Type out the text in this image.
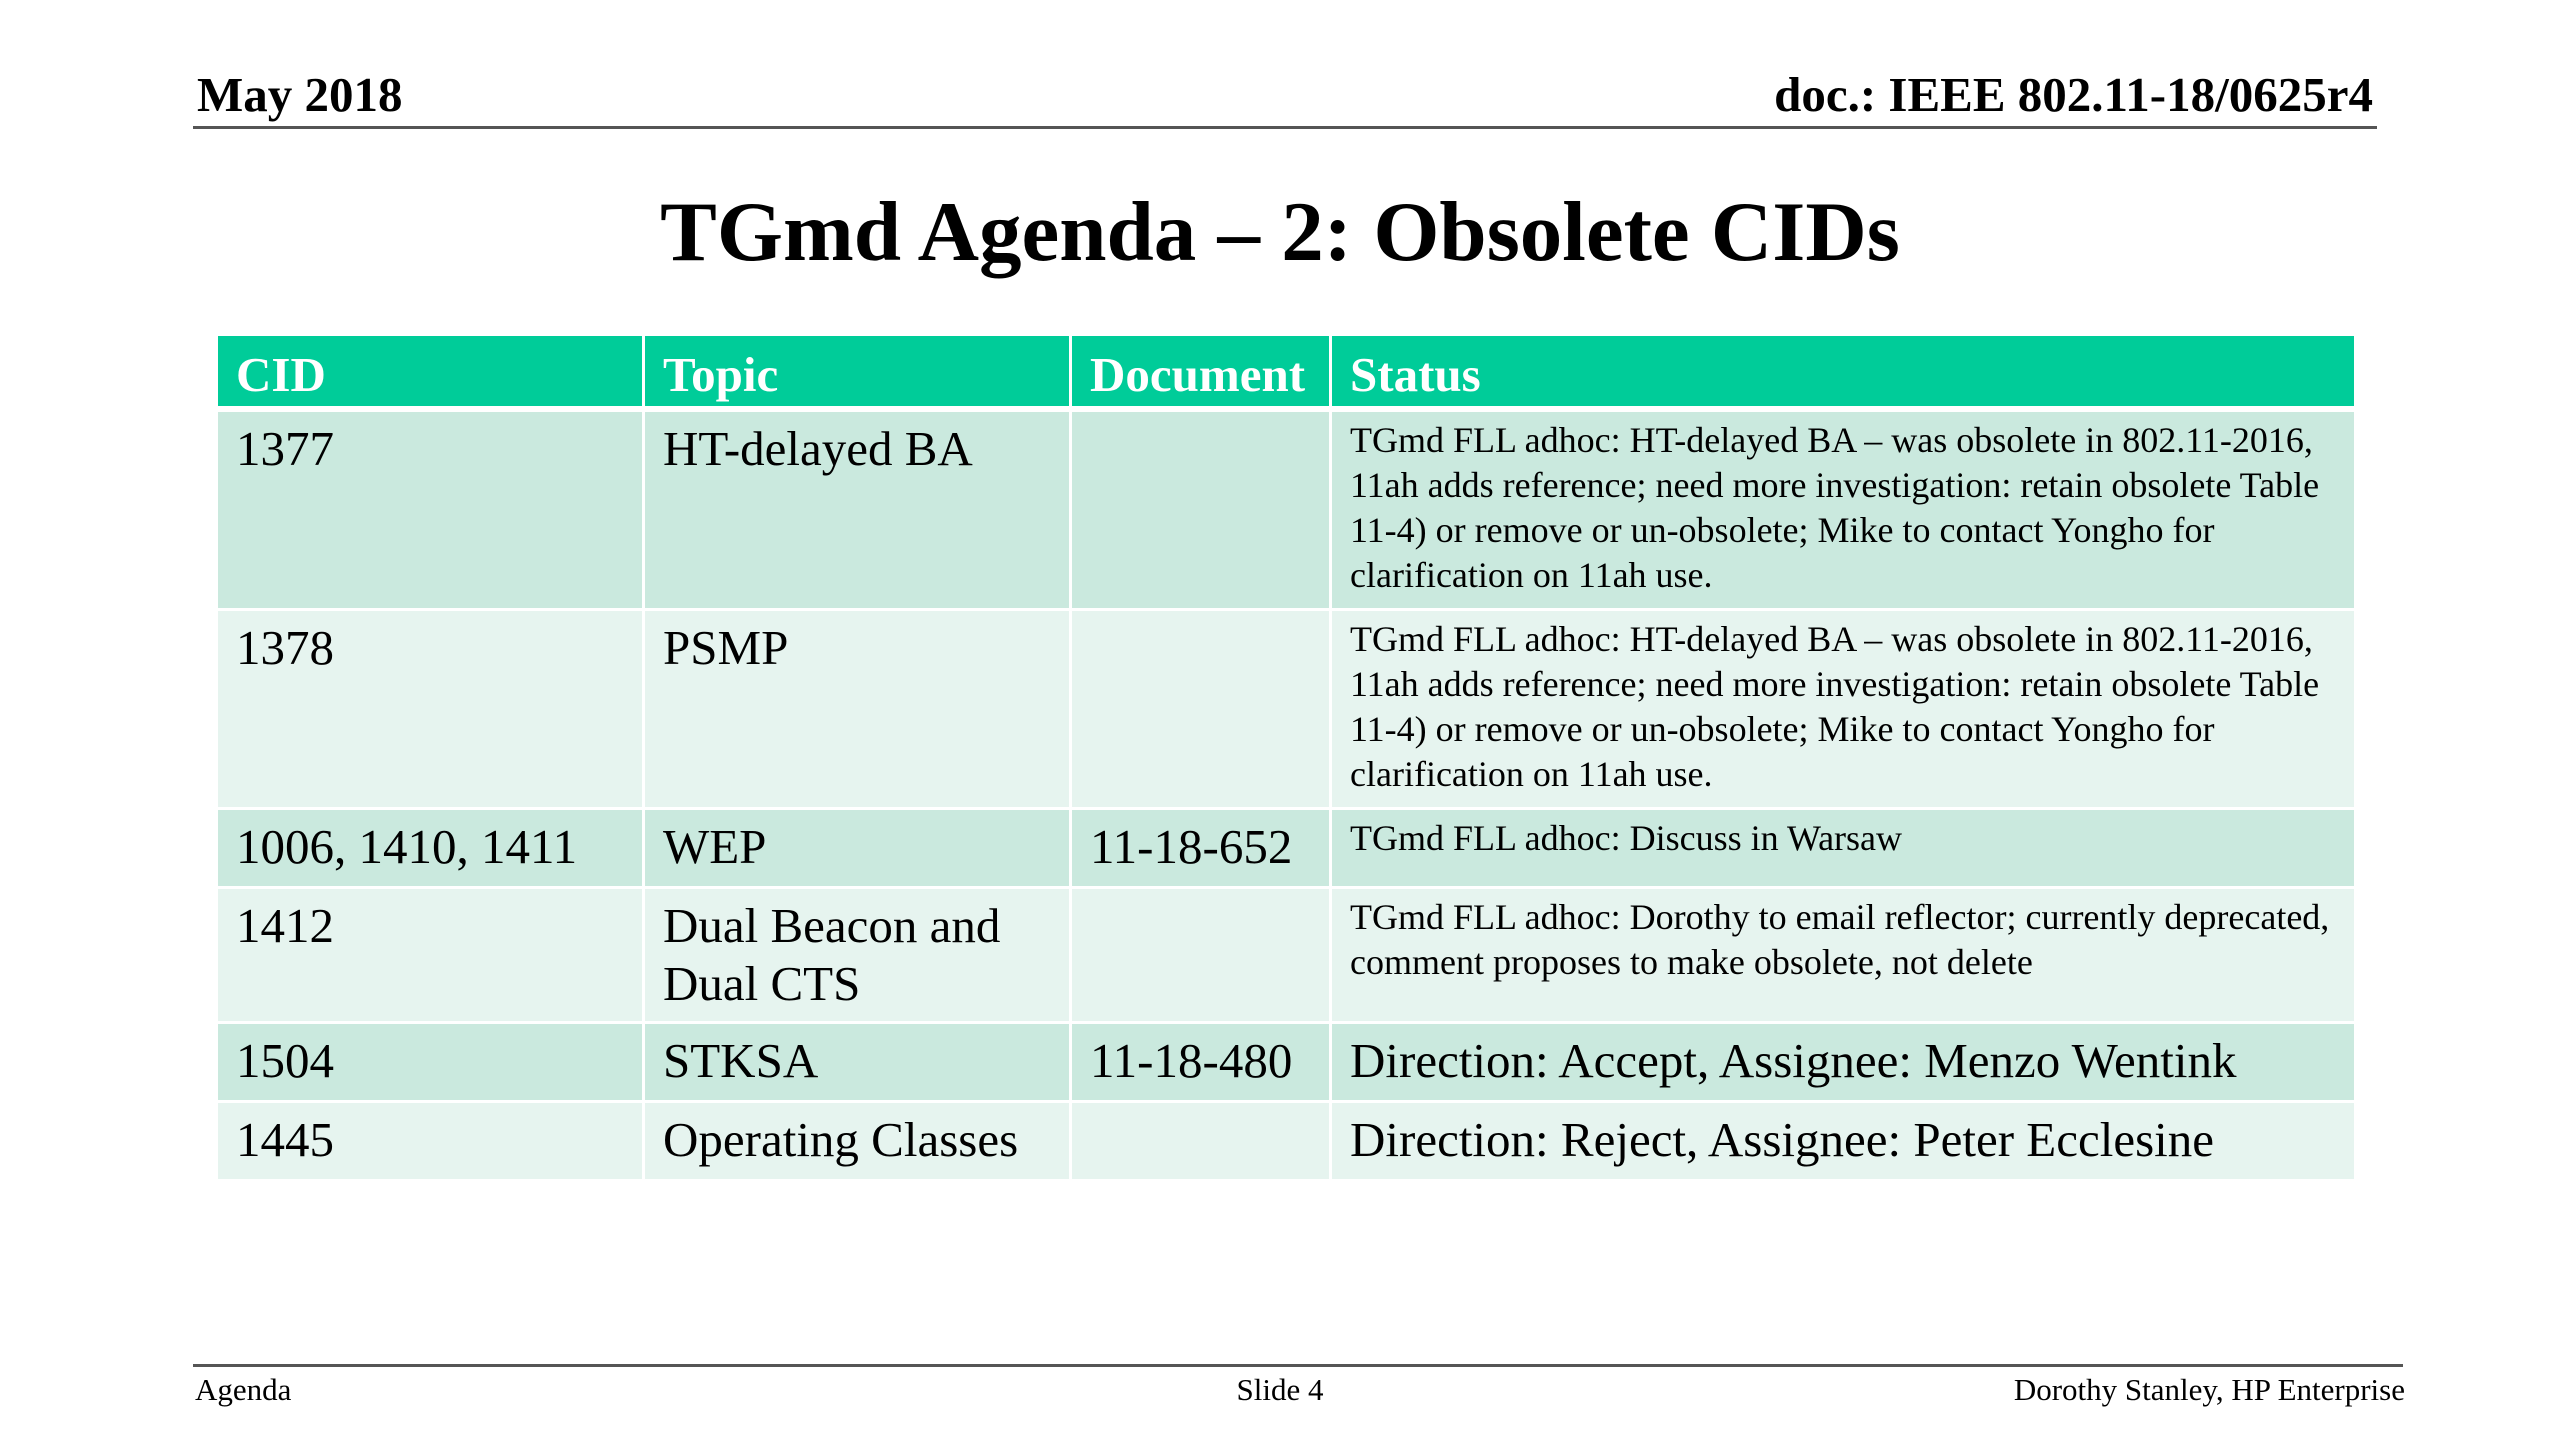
May 2018	doc.: IEEE 802.11-18/0625r4
TGmd Agenda – 2: Obsolete CIDs
CID	Topic	Document	Status
1377	HT-delayed BA		TGmd FLL adhoc: HT-delayed BA – was obsolete in 802.11-2016, 11ah adds reference; need more investigation: retain obsolete Table 11-4) or remove or un-obsolete; Mike to contact Yongho for clarification on 11ah use.
1378	PSMP		TGmd FLL adhoc: HT-delayed BA – was obsolete in 802.11-2016, 11ah adds reference; need more investigation: retain obsolete Table 11-4) or remove or un-obsolete; Mike to contact Yongho for clarification on 11ah use.
1006, 1410, 1411	WEP	11-18-652	TGmd FLL adhoc: Discuss in Warsaw
1412	Dual Beacon and Dual CTS		TGmd FLL adhoc: Dorothy to email reflector; currently deprecated, comment proposes to make obsolete, not delete
1504	STKSA	11-18-480	Direction: Accept, Assignee: Menzo Wentink
1445	Operating Classes		Direction: Reject, Assignee: Peter Ecclesine
Agenda	Slide 4	Dorothy Stanley, HP Enterprise
